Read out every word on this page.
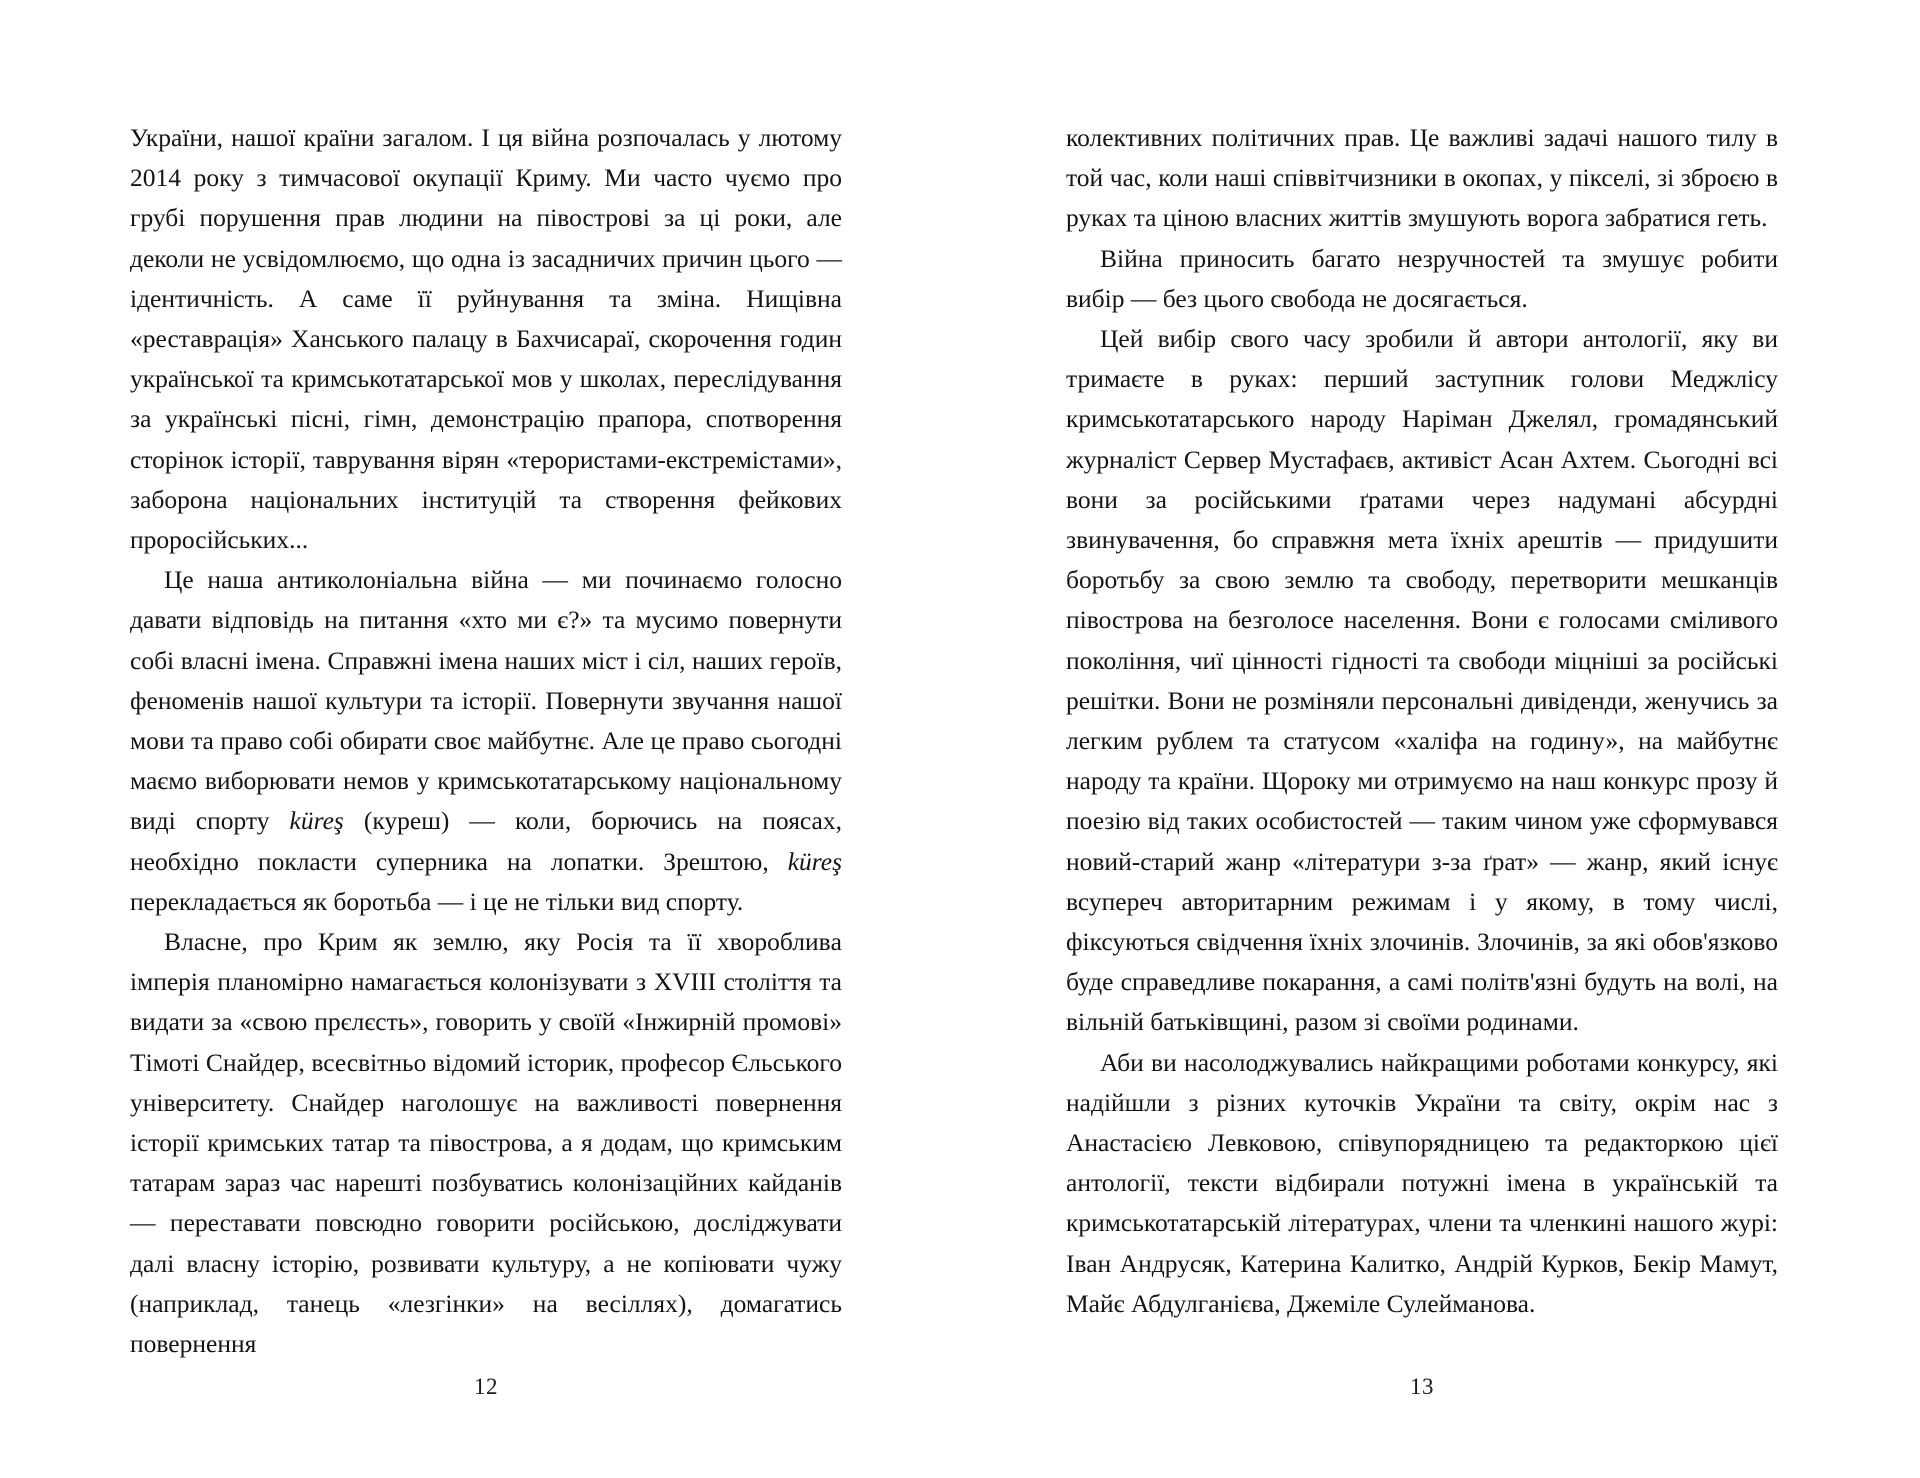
України, нашої країни загалом. І ця війна розпочалась у лютому 2014 року з тимчасової окупації Криму. Ми часто чуємо про грубі порушення прав людини на півострові за ці роки, але деколи не усвідомлюємо, що одна із засадничих причин цього — ідентичність. А саме її руйнування та зміна. Нищівна «реставрація» Ханського палацу в Бахчисараї, скорочення годин української та кримськотатарської мов у школах, переслідування за українські пісні, гімн, демонстрацію прапора, спотворення сторінок історії, таврування вірян «терористами-екстремістами», заборона національних інституцій та створення фейкових проросійських...

Це наша антиколоніальна війна — ми починаємо голосно давати відповідь на питання «хто ми є?» та мусимо повернути собі власні імена. Справжні імена наших міст і сіл, наших героїв, феноменів нашої культури та історії. Повернути звучання нашої мови та право собі обирати своє майбутнє. Але це право сьогодні маємо виборювати немов у кримськотатарському національному виді спорту küreş (куреш) — коли, борючись на поясах, необхідно покласти суперника на лопатки. Зрештою, küreş перекладається як боротьба — і це не тільки вид спорту.

Власне, про Крим як землю, яку Росія та її хворобливa імперія планомірно намагається колонізувати з XVIII століття та видати за «свою прєлєсть», говорить у своїй «Інжирній промові» Тімоті Снайдер, всесвітньо відомий історик, професор Єльського університету. Снайдер наголошує на важливості повернення історії кримських татар та півострова, а я додам, що кримським татарам зараз час нарешті позбуватись колонізаційних кайданів — переставати повсюдно говорити російською, досліджувати далі власну історію, розвивати культуру, а не копіювати чужу (наприклад, танець «лезгінки» на весіллях), домагатись повернення

12

колективних політичних прав. Це важливі задачі нашого тилу в той час, коли наші співвітчизники в окопах, у пікселі, зі зброєю в руках та ціною власних життів змушують ворога забратися геть.

Війна приносить багато незручностей та змушує робити вибір — без цього свобода не досягається.

Цей вибір свого часу зробили й автори антології, яку ви тримаєте в руках: перший заступник голови Меджлісу кримськотатарського народу Наріман Джелял, громадянський журналіст Сервер Мустафаєв, активіст Асан Ахтем. Сьогодні всі вони за російськими ґратами через надумані абсурдні звинувачення, бо справжня мета їхніх арештів — придушити боротьбу за свою землю та свободу, перетворити мешканців півострова на безголосе населення. Вони є голосами сміливого покоління, чиї цінності гідності та свободи міцніші за російські решітки. Вони не розміняли персональні дивіденди, женучись за легким рублем та статусом «халіфа на годину», на майбутнє народу та країни. Щороку ми отримуємо на наш конкурс прозу й поезію від таких особистостей — таким чином уже сформувався новий-старий жанр «літератури з-за ґрат» — жанр, який існує всупереч авторитарним режимам і у якому, в тому числі, фіксуються свідчення їхніх злочинів. Злочинів, за які обов'язково буде справедливе покарання, а самі політв'язні будуть на волі, на вільній батьківщині, разом зі своїми родинами.

Аби ви насолоджувались найкращими роботами конкурсу, які надійшли з різних куточків України та світу, окрім нас з Анастасією Левковою, співупорядницею та редакторкою цієї антології, тексти відбирали потужні імена в українській та кримськотатарській літературах, члени та членкині нашого журі: Іван Андрусяк, Катерина Калитко, Андрій Курков, Бекір Мамут, Майє Абдулганієва, Джеміле Сулейманова.

13
